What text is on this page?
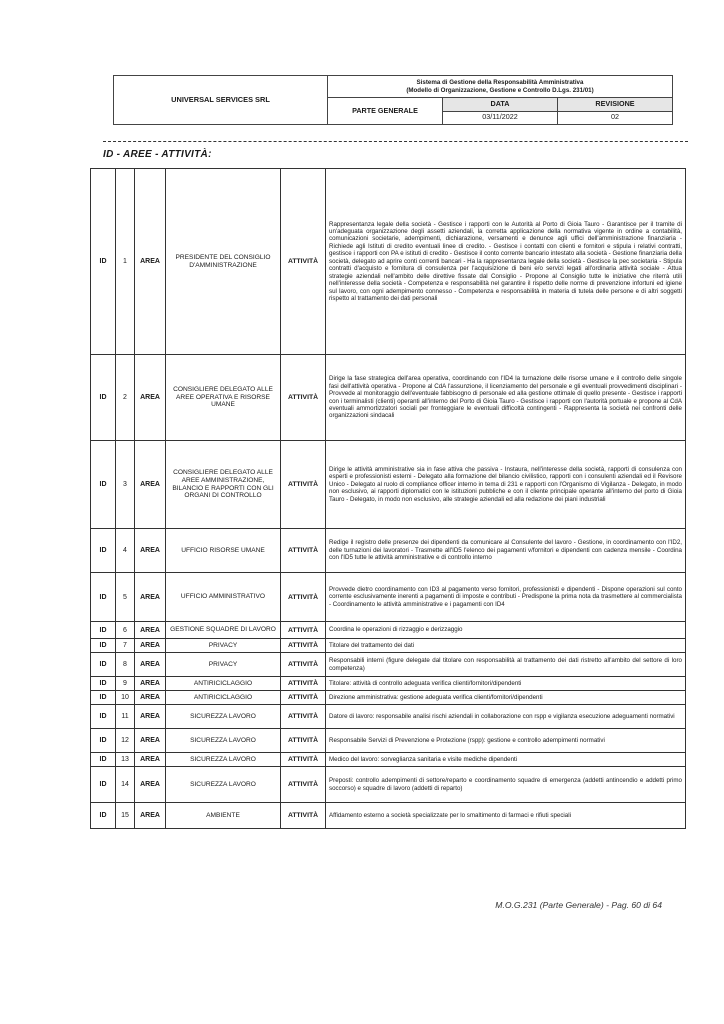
UNIVERSAL SERVICES SRL	Sistema di Gestione della Responsabilità Amministrativa
(Modello di Organizzazione, Gestione e Controllo D.Lgs. 231/01)		

	PARTE GENERALE	DATA	REVISIONE
		03/11/2022	02
ID - AREE - ATTIVITÀ:
ID	1	AREA	PRESIDENTE DEL CONSIGLIO D'AMMINISTRAZIONE	ATTIVITÀ	Rappresentanza legale della società - Gestisce i rapporti con le Autorità al Porto di Gioia Tauro - Garantisce per il tramite di un'adeguata organizzazione degli assetti aziendali, la corretta applicazione della normativa vigente in ordine a contabilità, comunicazioni societarie, adempimenti, dichiarazione, versamenti e denunce agli uffici dell'amministrazione finanziaria - Richiede agli Istituti di credito eventuali linee di credito. - Gestisce i contatti con clienti e fornitori e stipula i relativi contratti, gestisce i rapporti con PA e istituti di credito - Gestisce il conto corrente bancario intestato alla società - Gestione finanziaria della società, delegato ad aprire conti correnti bancari - Ha la rappresentanza legale della società - Gestisce la pec societaria - Stipula contratti d'acquisto e fornitura di consulenza per l'acquisizione di beni e/o servizi legati all'ordinaria attività sociale - Attua strategie aziendali nell'ambito delle direttive fissate dal Consiglio - Propone al Consiglio tutte le iniziative che riterrà utili nell'interesse della società - Competenza e responsabilità nel garantire il rispetto delle norme di prevenzione infortuni ed igiene sul lavoro, con ogni adempimento connesso - Competenza e responsabilità in materia di tutela delle persone e di altri soggetti rispetto al trattamento dei dati personali
ID	2	AREA	CONSIGLIERE DELEGATO ALLE AREE OPERATIVA E RISORSE UMANE	ATTIVITÀ	Dirige la fase strategica dell'area operativa, coordinando con l'ID4 la turnazione delle risorse umane e il controllo delle singole fasi dell'attività operativa - Propone al CdA l'assunzione, il licenziamento del personale e gli eventuali provvedimenti disciplinari - Provvede al monitoraggio dell'eventuale fabbisogno di personale ed alla gestione ottimale di quello presente - Gestisce i rapporti con i terminalisti (clienti) operanti all'interno del Porto di Gioia Tauro - Gestisce i rapporti con l'autorità portuale e propone al CdA eventuali ammortizzatori sociali per fronteggiare le eventuali difficoltà contingenti - Rappresenta la società nei confronti delle organizzazioni sindacali
ID	3	AREA	CONSIGLIERE DELEGATO ALLE AREE AMMINISTRAZIONE, BILANCIO E RAPPORTI CON GLI ORGANI DI CONTROLLO	ATTIVITÀ	Dirige le attività amministrative sia in fase attiva che passiva - Instaura, nell'interesse della società, rapporti di consulenza con esperti e professionisti esterni - Delegato alla formazione del bilancio civilistico, rapporti con i consulenti aziendali ed il Revisore Unico - Delegato al ruolo di compliance officer interno in tema di 231 e rapporti con l'Organismo di Vigilanza - Delegato, in modo non esclusivo, ai rapporti diplomatici con le istituzioni pubbliche e con il cliente principale operante all'interno del porto di Gioia Tauro - Delegato, in modo non esclusivo, alle strategie aziendali ed alla redazione dei piani industriali
ID	4	AREA	UFFICIO RISORSE UMANE	ATTIVITÀ	Redige il registro delle presenze dei dipendenti da comunicare al Consulente del lavoro - Gestione, in coordinamento con l'ID2, delle turnazioni dei lavoratori - Trasmette all'ID5 l'elenco dei pagamenti v/fornitori e dipendenti con cadenza mensile - Coordina con l'ID5 tutte le attività amministrative e di controllo interno
ID	5	AREA	UFFICIO AMMINISTRATIVO	ATTIVITÀ	Provvede dietro coordinamento con ID3 al pagamento verso fornitori, professionisti e dipendenti - Dispone operazioni sul conto corrente esclusivamente inerenti a pagamenti di imposte e contributi - Predispone la prima nota da trasmettere al commercialista - Coordinamento le attività amministrative e i pagamenti con ID4
ID	6	AREA	GESTIONE SQUADRE DI LAVORO	ATTIVITÀ	Coordina le operazioni di rizzaggio e derizzaggio
ID	7	AREA	PRIVACY	ATTIVITÀ	Titolare del trattamento dei dati
ID	8	AREA	PRIVACY	ATTIVITÀ	Responsabili interni (figure delegate dal titolare con responsabilità al trattamento dei dati ristretto all'ambito del settore di loro competenza)
ID	9	AREA	ANTIRICICLAGGIO	ATTIVITÀ	Titolare: attività di controllo adeguata verifica clienti/fornitori/dipendenti
ID	10	AREA	ANTIRICICLAGGIO	ATTIVITÀ	Direzione amministrativa: gestione adeguata verifica clienti/fornitori/dipendenti
ID	11	AREA	SICUREZZA LAVORO	ATTIVITÀ	Datore di lavoro: responsabile analisi rischi aziendali in collaborazione con rspp e vigilanza esecuzione adeguamenti normativi
ID	12	AREA	SICUREZZA LAVORO	ATTIVITÀ	Responsabile Servizi di Prevenzione e Protezione (rspp): gestione e controllo adempimenti normativi
ID	13	AREA	SICUREZZA LAVORO	ATTIVITÀ	Medico del lavoro: sorveglianza sanitaria e visite mediche dipendenti
ID	14	AREA	SICUREZZA LAVORO	ATTIVITÀ	Preposti: controllo adempimenti di settore/reparto e coordinamento squadre di emergenza (addetti antincendio e addetti primo soccorso) e squadre di lavoro (addetti di reparto)
ID	15	AREA	AMBIENTE	ATTIVITÀ	Affidamento esterno a società specializzate per lo smaltimento di farmaci e rifiuti speciali
M.O.G.231 (Parte Generale) - Pag. 60 di 64
